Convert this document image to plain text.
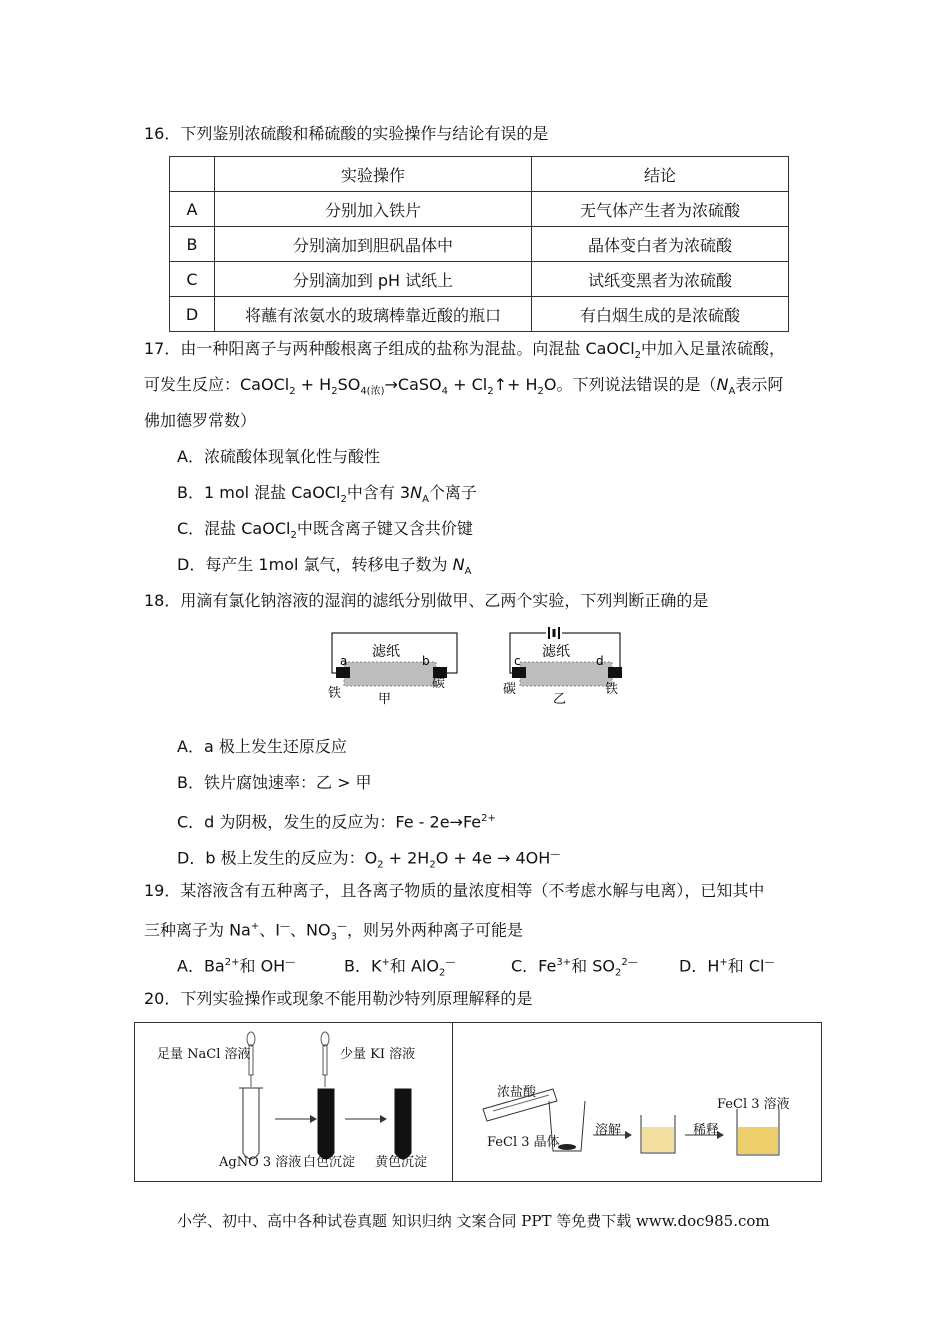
16．下列鉴别浓硫酸和稀硫酸的实验操作与结论有误的是
	实验操作	结论
A	分别加入铁片	无气体产生者为浓硫酸
B	分别滴加到胆矾晶体中	晶体变白者为浓硫酸
C	分别滴加到 pH 试纸上	试纸变黑者为浓硫酸
D	将蘸有浓氨水的玻璃棒靠近酸的瓶口	有白烟生成的是浓硫酸
17．由一种阳离子与两种酸根离子组成的盐称为混盐。向混盐 CaOCl$_2$中加入足量浓硫酸，
可发生反应：CaOCl$_2$ + $H_2SO_{4(浓)}\to CaSO_4$ + $Cl_2↑+ H_2O$。下列说法错误的是（$N_A$表示阿
佛加德罗常数）
A．浓硫酸体现氧化性与酸性
B．1 mol 混盐 CaOCl$_2$中含有 $3N_A$个离子
C．混盐 CaOCl$_2$中既含离子键又含共价键
D．每产生 1mol 氯气，转移电子数为 $N_A$
18．用滴有氯化钠溶液的湿润的滤纸分别做甲、乙两个实验，下列判断正确的是
滤纸
a	b
铁
碳
甲
滤纸
c	d
碳	铁
乙
A．a 极上发生还原反应
B．铁片腐蚀速率：乙 > 甲
C．d 为阴极，发生的反应为：$Fe - 2e\to Fe^{2+}$
D．b 极上发生的反应为：$O_2 + 2H_2O + 4e \to 4OH^—$
19．某溶液含有五种离子，且各离子物质的量浓度相等（不考虑水解与电离），已知其中
三种离子为 Na+、I—、$NO_3^—$，则另外两种离子可能是
A．$Ba^{2+}$和 OH—	B．K+和 AlO$_2$—	C．$Fe^{3+}$和 $SO_2^{2—}$	D．H+和 Cl—
20．下列实验操作或现象不能用勒沙特列原理解释的是
足量 NaCl 溶液	少量 KI 溶液
AgNO 3 溶液 白色沉淀 黄色沉淀
浓盐酸
FeCl 3 晶体
溶解	稀释
FeCl 3 溶液
小学、初中、高中各种试卷真题 知识归纳 文案合同 PPT 等免费下载 www.doc985.com
